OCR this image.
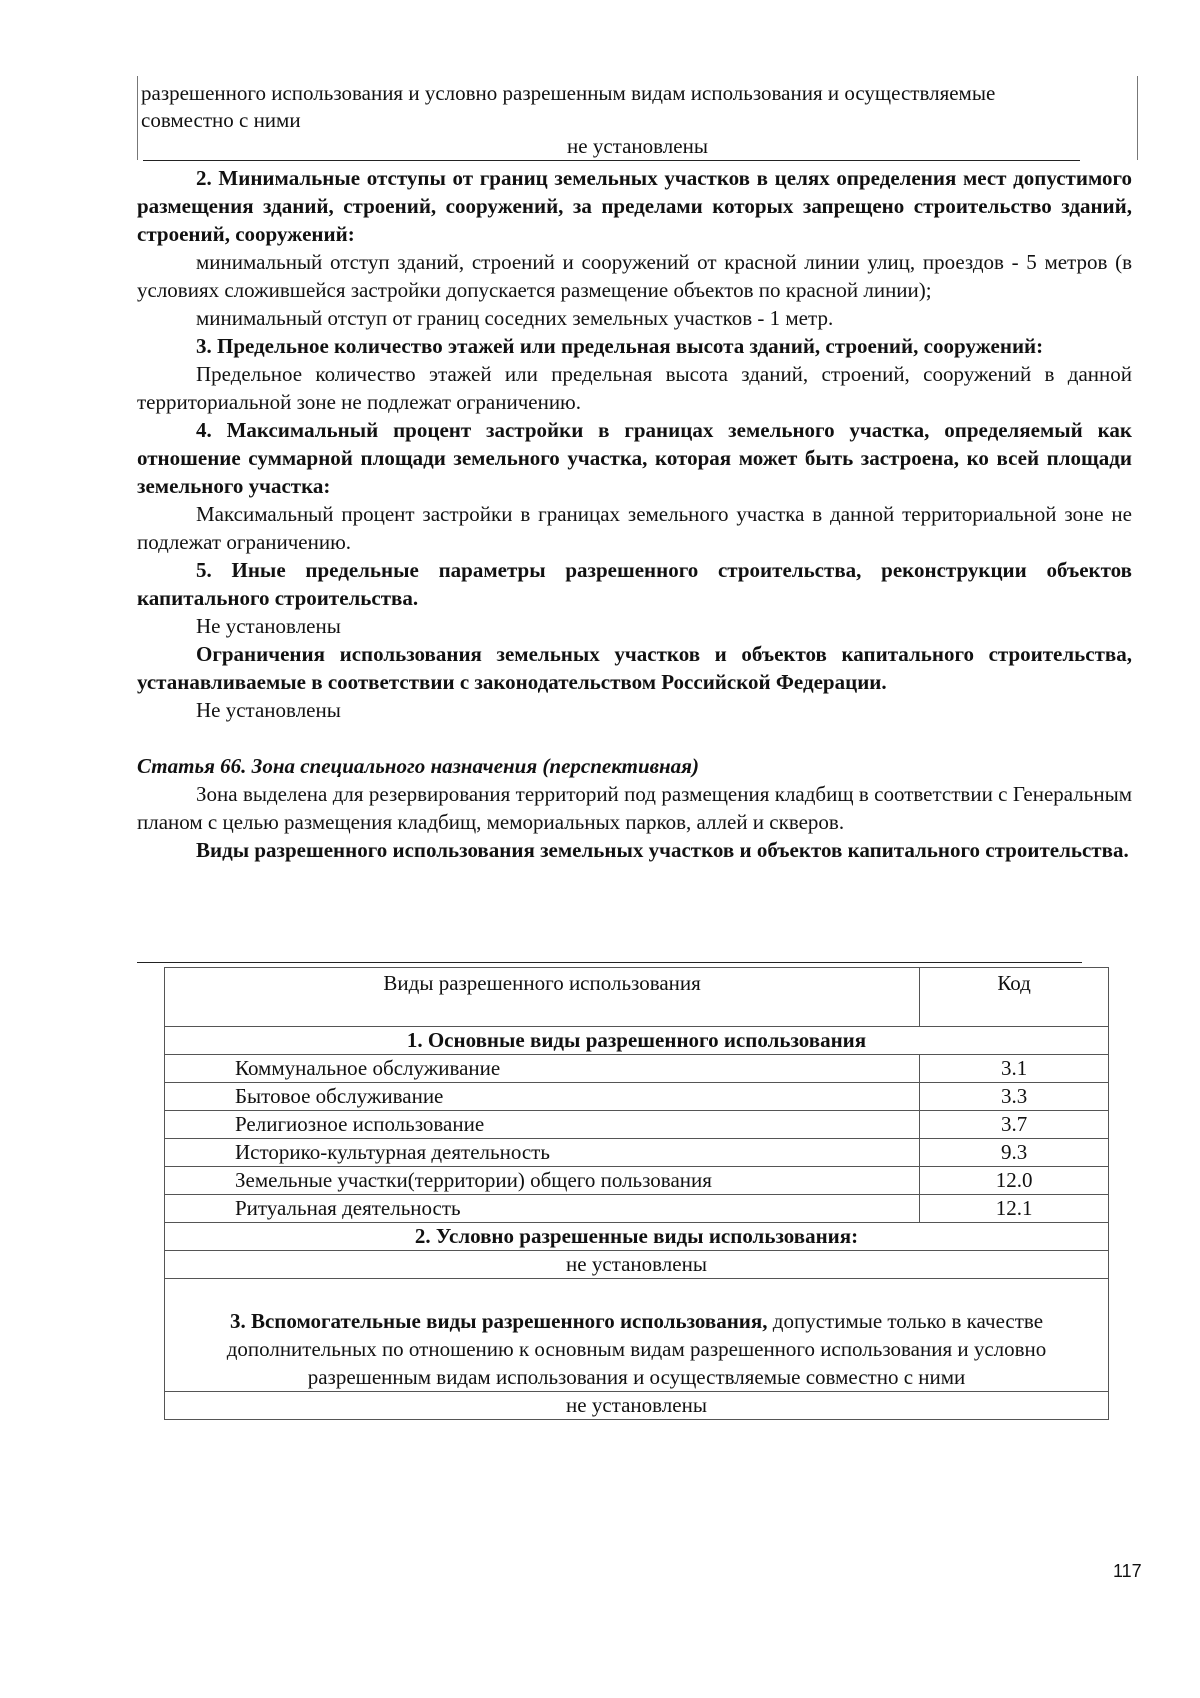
разрешенного использования и условно разрешенным видам использования и осуществляемые
совместно с ними
не установлены

2. Минимальные отступы от границ земельных участков в целях определения мест допустимого размещения зданий, строений, сооружений, за пределами которых запрещено строительство зданий, строений, сооружений:

минимальный отступ зданий, строений и сооружений от красной линии улиц, проездов - 5 метров (в условиях сложившейся застройки допускается размещение объектов по красной линии);

минимальный отступ от границ соседних земельных участков - 1 метр.

3. Предельное количество этажей или предельная высота зданий, строений, сооружений:

Предельное количество этажей или предельная высота зданий, строений, сооружений в данной территориальной зоне не подлежат ограничению.

4. Максимальный процент застройки в границах земельного участка, определяемый как отношение суммарной площади земельного участка, которая может быть застроена, ко всей площади земельного участка:

Максимальный процент застройки в границах земельного участка в данной территориальной зоне не подлежат ограничению.

5. Иные предельные параметры разрешенного строительства, реконструкции объектов капитального строительства.

Не установлены

Ограничения использования земельных участков и объектов капитального строительства, устанавливаемые в соответствии с законодательством Российской Федерации.

Не установлены

Статья 66. Зона специального назначения (перспективная)

Зона выделена для резервирования территорий под размещения кладбищ в соответствии с Генеральным планом с целью размещения кладбищ, мемориальных парков, аллей и скверов.

Виды разрешенного использования земельных участков и объектов капитального строительства.

Виды разрешенного использования	Код
1. Основные виды разрешенного использования	
Коммунальное обслуживание	3.1
Бытовое обслуживание	3.3
Религиозное использование	3.7
Историко-культурная деятельность	9.3
Земельные участки(территории) общего пользования	12.0
Ритуальная деятельность	12.1
2. Условно разрешенные виды использования:	
не установлены	
3. Вспомогательные виды разрешенного использования, допустимые только в качестве дополнительных по отношению к основным видам разрешенного использования и условно разрешенным видам использования и осуществляемые совместно с ними	
не установлены	
117
